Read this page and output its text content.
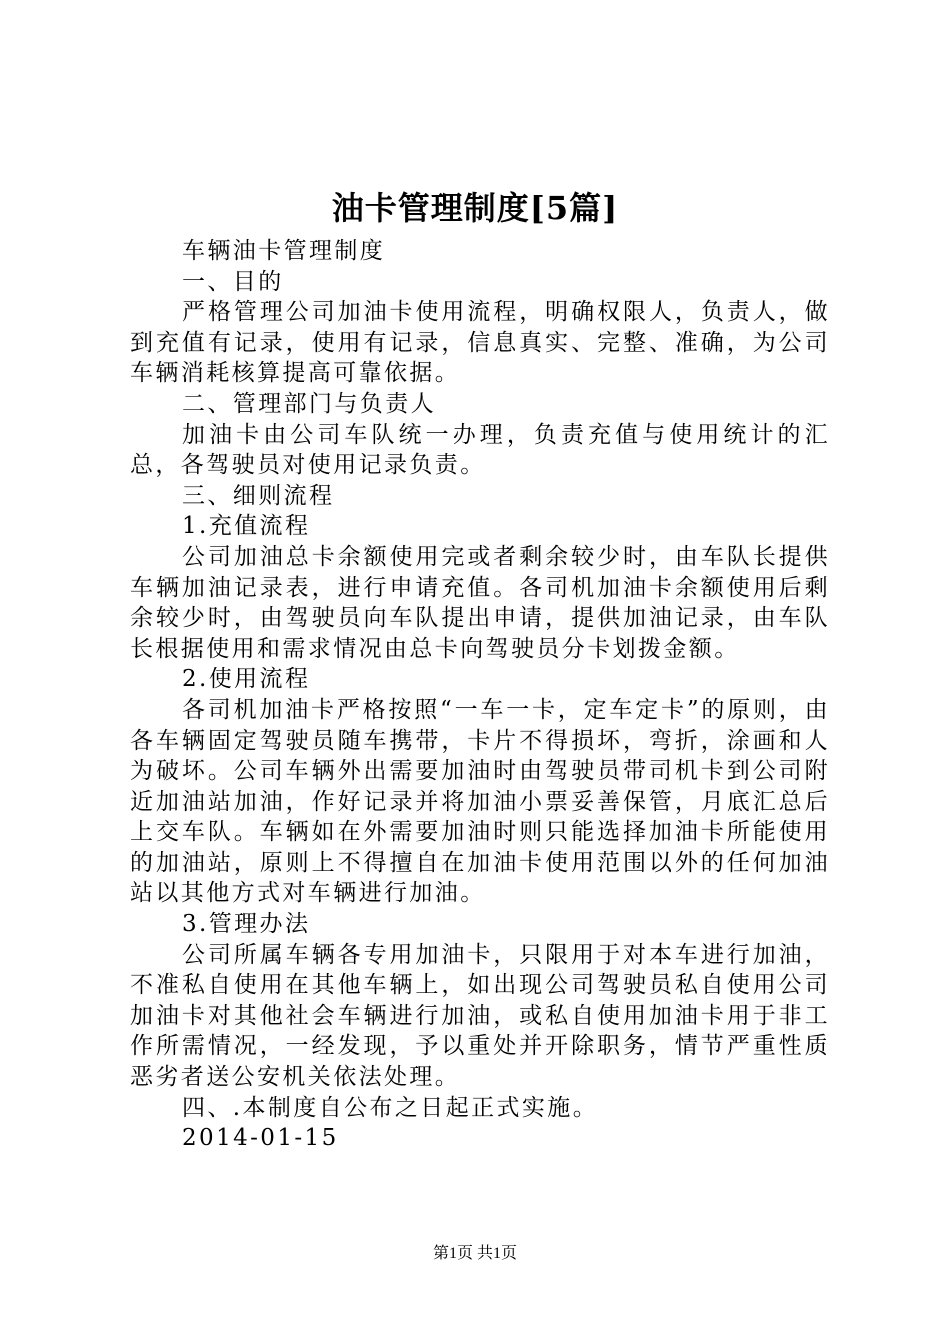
油卡管理制度[5篇]

车辆油卡管理制度

一、目的

严格管理公司加油卡使用流程，明确权限人，负责人，做到充值有记录，使用有记录，信息真实、完整、准确，为公司车辆消耗核算提高可靠依据。

二、管理部门与负责人

加油卡由公司车队统一办理，负责充值与使用统计的汇总，各驾驶员对使用记录负责。

三、细则流程

1.充值流程

公司加油总卡余额使用完或者剩余较少时，由车队长提供车辆加油记录表，进行申请充值。各司机加油卡余额使用后剩余较少时，由驾驶员向车队提出申请，提供加油记录，由车队长根据使用和需求情况由总卡向驾驶员分卡划拨金额。

2.使用流程

各司机加油卡严格按照“一车一卡，定车定卡”的原则，由各车辆固定驾驶员随车携带，卡片不得损坏，弯折，涂画和人为破坏。公司车辆外出需要加油时由驾驶员带司机卡到公司附近加油站加油，作好记录并将加油小票妥善保管，月底汇总后上交车队。车辆如在外需要加油时则只能选择加油卡所能使用的加油站，原则上不得擅自在加油卡使用范围以外的任何加油站以其他方式对车辆进行加油。

3.管理办法

公司所属车辆各专用加油卡，只限用于对本车进行加油，不准私自使用在其他车辆上，如出现公司驾驶员私自使用公司加油卡对其他社会车辆进行加油，或私自使用加油卡用于非工作所需情况，一经发现，予以重处并开除职务，情节严重性质恶劣者送公安机关依法处理。

四、.本制度自公布之日起正式实施。

2014-01-15

第1页 共1页
